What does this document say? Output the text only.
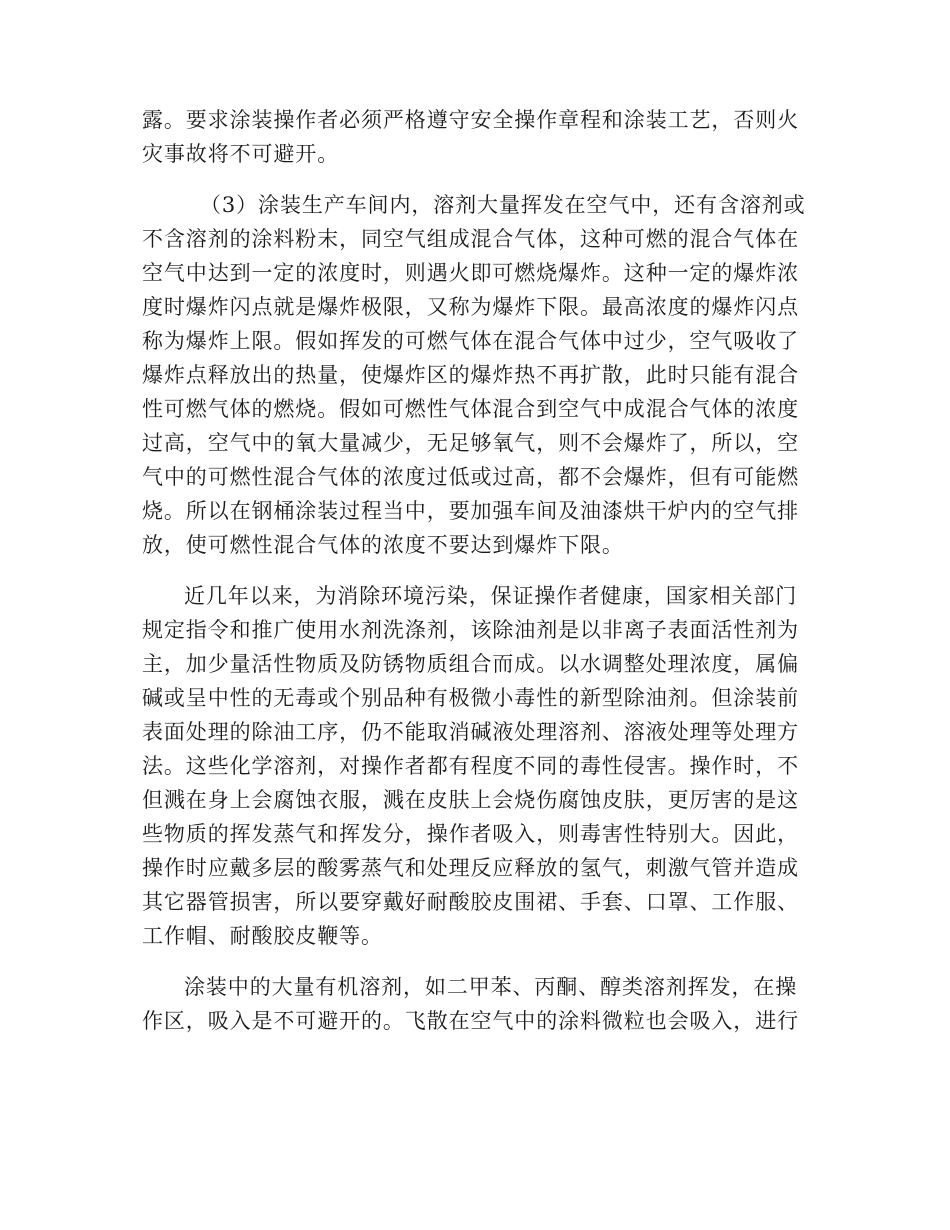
露。要求涂装操作者必须严格遵守安全操作章程和涂装工艺，否则火
灾事故将不可避开。
（3）涂装生产车间内，溶剂大量挥发在空气中，还有含溶剂或
不含溶剂的涂料粉末，同空气组成混合气体，这种可燃的混合气体在
空气中达到一定的浓度时，则遇火即可燃烧爆炸。这种一定的爆炸浓
度时爆炸闪点就是爆炸极限，又称为爆炸下限。最高浓度的爆炸闪点
称为爆炸上限。假如挥发的可燃气体在混合气体中过少，空气吸收了
爆炸点释放出的热量，使爆炸区的爆炸热不再扩散，此时只能有混合
性可燃气体的燃烧。假如可燃性气体混合到空气中成混合气体的浓度
过高，空气中的氧大量减少，无足够氧气，则不会爆炸了，所以，空
气中的可燃性混合气体的浓度过低或过高，都不会爆炸，但有可能燃
烧。所以在钢桶涂装过程当中，要加强车间及油漆烘干炉内的空气排
放，使可燃性混合气体的浓度不要达到爆炸下限。
近几年以来，为消除环境污染，保证操作者健康，国家相关部门
规定指令和推广使用水剂洗涤剂，该除油剂是以非离子表面活性剂为
主，加少量活性物质及防锈物质组合而成。以水调整处理浓度，属偏
碱或呈中性的无毒或个别品种有极微小毒性的新型除油剂。但涂装前
表面处理的除油工序，仍不能取消碱液处理溶剂、溶液处理等处理方
法。这些化学溶剂，对操作者都有程度不同的毒性侵害。操作时，不
但溅在身上会腐蚀衣服，溅在皮肤上会烧伤腐蚀皮肤，更厉害的是这
些物质的挥发蒸气和挥发分，操作者吸入，则毒害性特别大。因此，
操作时应戴多层的酸雾蒸气和处理反应释放的氢气，刺激气管并造成
其它器管损害，所以要穿戴好耐酸胶皮围裙、手套、口罩、工作服、
工作帽、耐酸胶皮鞭等。
涂装中的大量有机溶剂，如二甲苯、丙酮、醇类溶剂挥发，在操
作区，吸入是不可避开的。飞散在空气中的涂料微粒也会吸入，进行
